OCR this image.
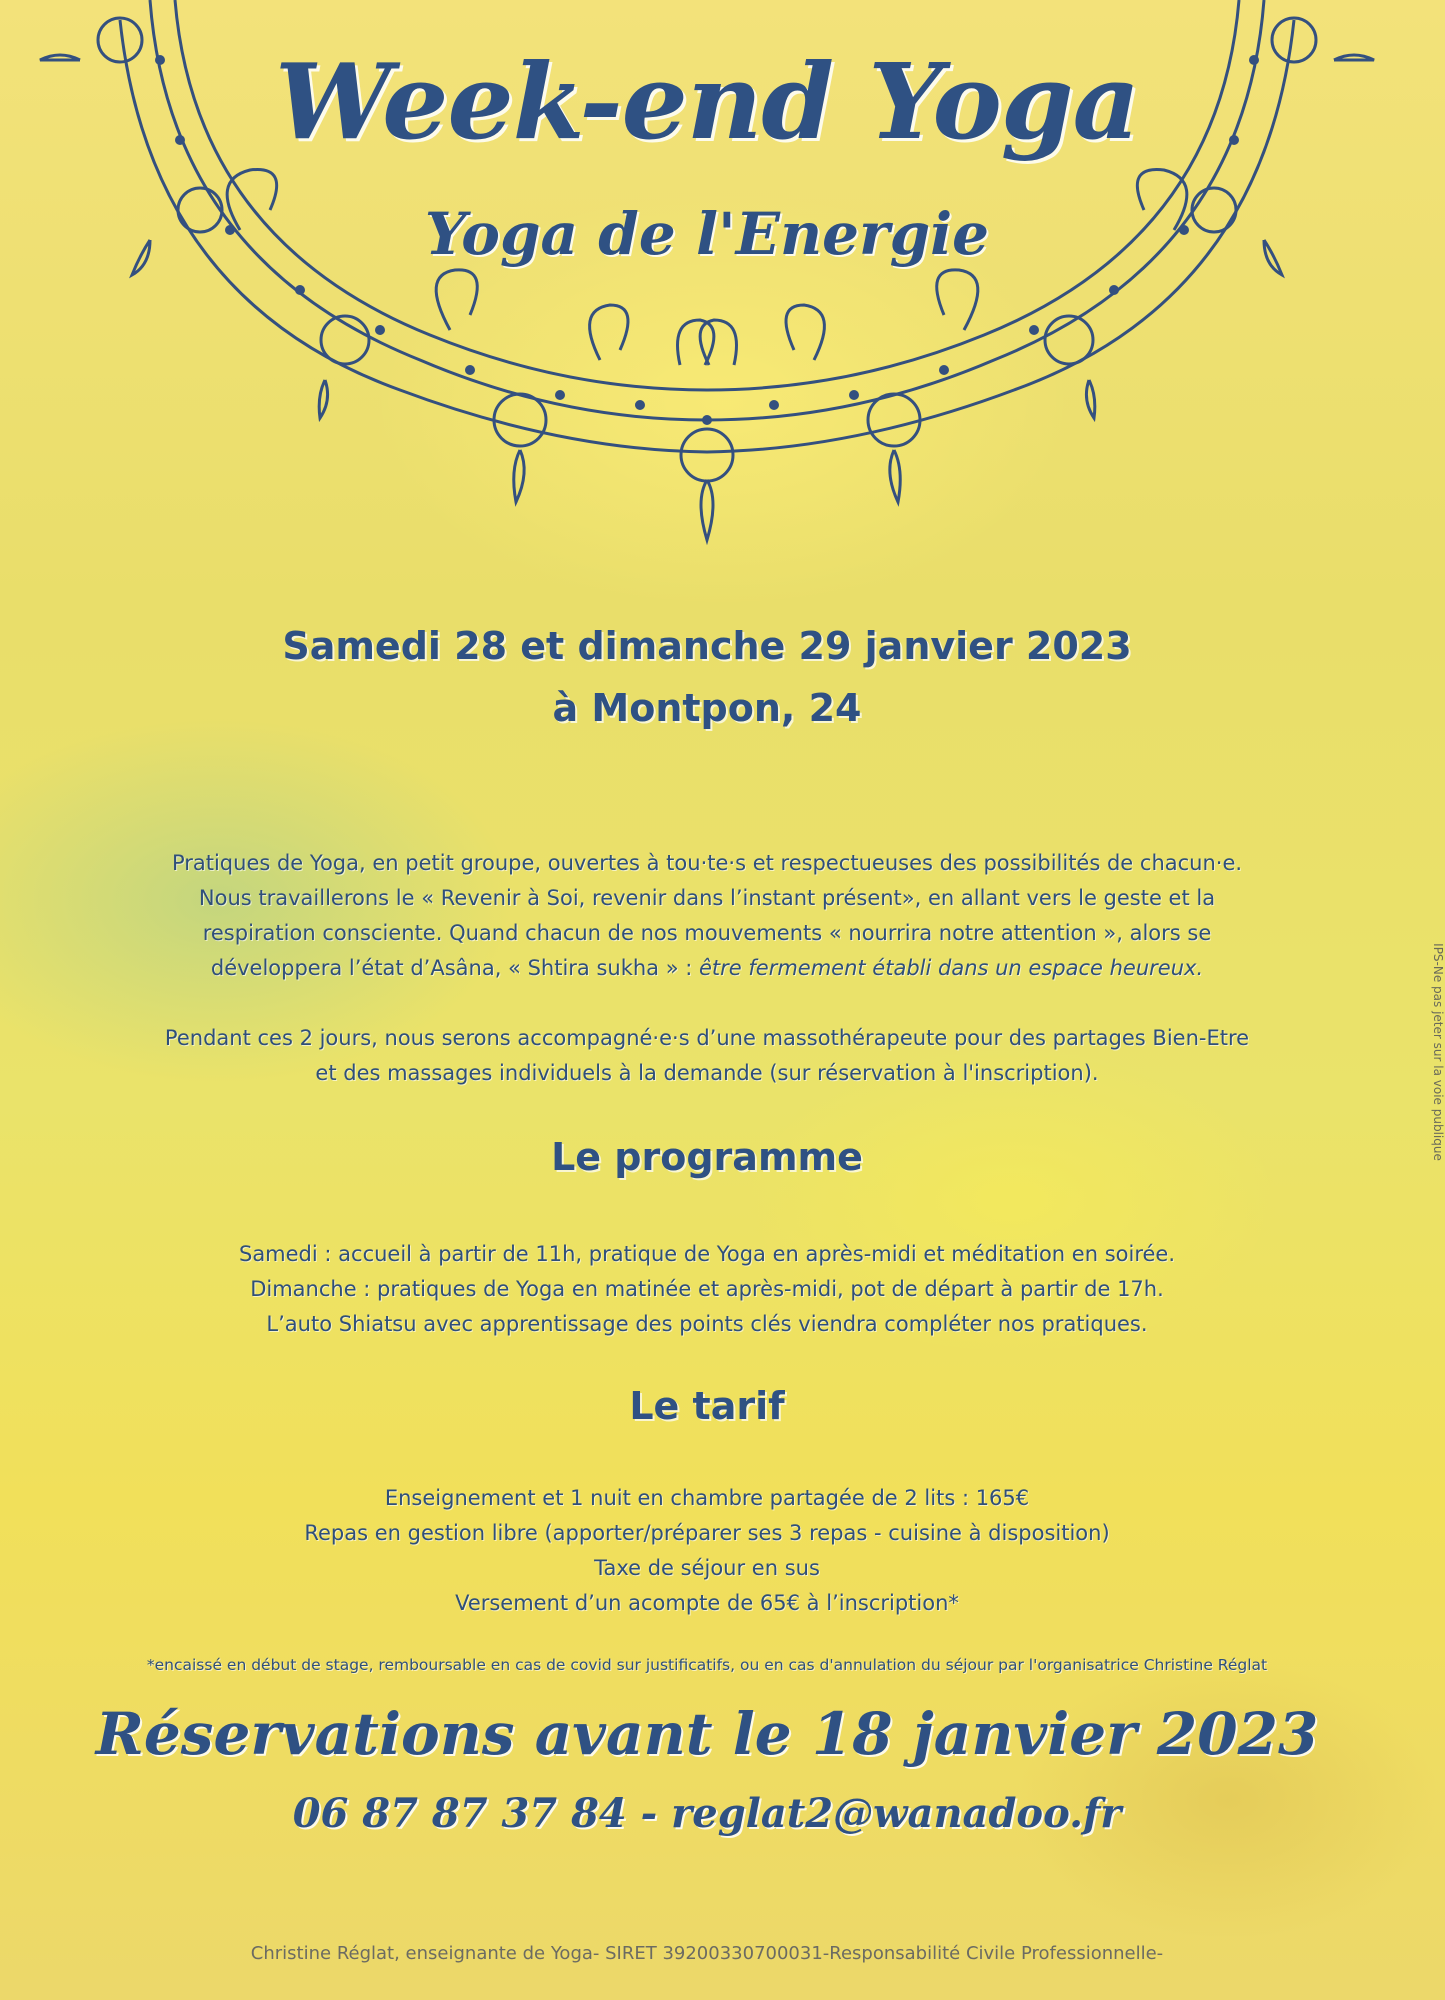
Week-end Yoga
Yoga de l'Energie
Samedi 28 et dimanche 29 janvier 2023
à Montpon, 24

Pratiques de Yoga, en petit groupe, ouvertes à tou·te·s et respectueuses des possibilités de chacun·e.

Nous travaillerons le « Revenir à Soi, revenir dans l’instant présent», en allant vers le geste et la

respiration consciente. Quand chacun de nos mouvements « nourrira notre attention », alors se

développera l’état d’Asâna, « Shtira sukha » : être fermement établi dans un espace heureux.

Pendant ces 2 jours, nous serons accompagné·e·s d’une massothérapeute pour des partages Bien-Etre

et des massages individuels à la demande (sur réservation à l'inscription).

Le programme
Samedi : accueil à partir de 11h, pratique de Yoga en après-midi et méditation en soirée.
Dimanche : pratiques de Yoga en matinée et après-midi, pot de départ à partir de 17h.
L’auto Shiatsu avec apprentissage des points clés viendra compléter nos pratiques.
Le tarif
Enseignement et 1 nuit en chambre partagée de 2 lits : 165€
Repas en gestion libre (apporter/préparer ses 3 repas - cuisine à disposition)
Taxe de séjour en sus
Versement d’un acompte de 65€ à l’inscription*
*encaissé en début de stage, remboursable en cas de covid sur justificatifs, ou en cas d'annulation du séjour par l'organisatrice Christine Réglat
Réservations avant le 18 janvier 2023
06 87 87 37 84 - reglat2@wanadoo.fr
Christine Réglat, enseignante de Yoga- SIRET 39200330700031-Responsabilité Civile Professionnelle-
IPS-Ne pas jeter sur la voie publique
